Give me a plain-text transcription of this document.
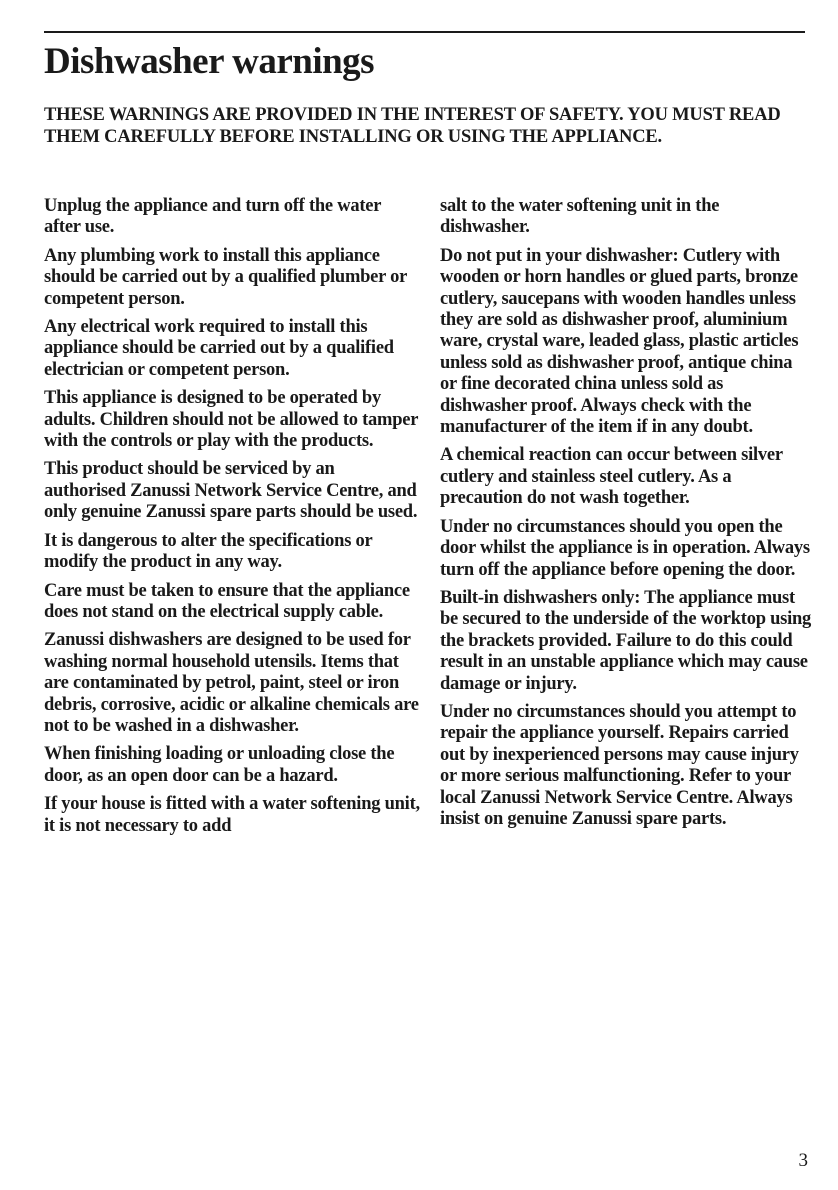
Dishwasher warnings

THESE WARNINGS ARE PROVIDED IN THE INTEREST OF SAFETY. YOU MUST READ THEM CAREFULLY BEFORE INSTALLING OR USING THE APPLIANCE.

Unplug the appliance and turn off the water after use.

Any plumbing work to install this appliance should be carried out by a qualified plumber or competent person.

Any electrical work required to install this appliance should be carried out by a qualified electrician or competent person.

This appliance is designed to be operated by adults. Children should not be allowed to tamper with the controls or play with the products.

This product should be serviced by an authorised Zanussi Network Service Centre, and only genuine Zanussi spare parts should be used.

It is dangerous to alter the specifications or modify the product in any way.

Care must be taken to ensure that the appliance does not stand on the electrical supply cable.

Zanussi dishwashers are designed to be used for washing normal household utensils. Items that are contaminated by petrol, paint, steel or iron debris, corrosive, acidic or alkaline chemicals are not to be washed in a dishwasher.

When finishing loading or unloading close the door, as an open door can be a hazard.

If your house is fitted with a water softening unit, it is not necessary to add

salt to the water softening unit in the dishwasher.

Do not put in your dishwasher: Cutlery with wooden or horn handles or glued parts, bronze cutlery, saucepans with wooden handles unless they are sold as dishwasher proof, aluminium ware, crystal ware, leaded glass, plastic articles unless sold as dishwasher proof, antique china or fine decorated china unless sold as dishwasher proof. Always check with the manufacturer of the item if in any doubt.

A chemical reaction can occur between silver cutlery and stainless steel cutlery. As a precaution do not wash together.

Under no circumstances should you open the door whilst the appliance is in operation. Always turn off the appliance before opening the door.

Built-in dishwashers only: The appliance must be secured to the underside of the worktop using the brackets provided. Failure to do this could result in an unstable appliance which may cause damage or injury.

Under no circumstances should you attempt to repair the appliance yourself. Repairs carried out by inexperienced persons may cause injury or more serious malfunctioning. Refer to your local Zanussi Network Service Centre. Always insist on genuine Zanussi spare parts.

3
